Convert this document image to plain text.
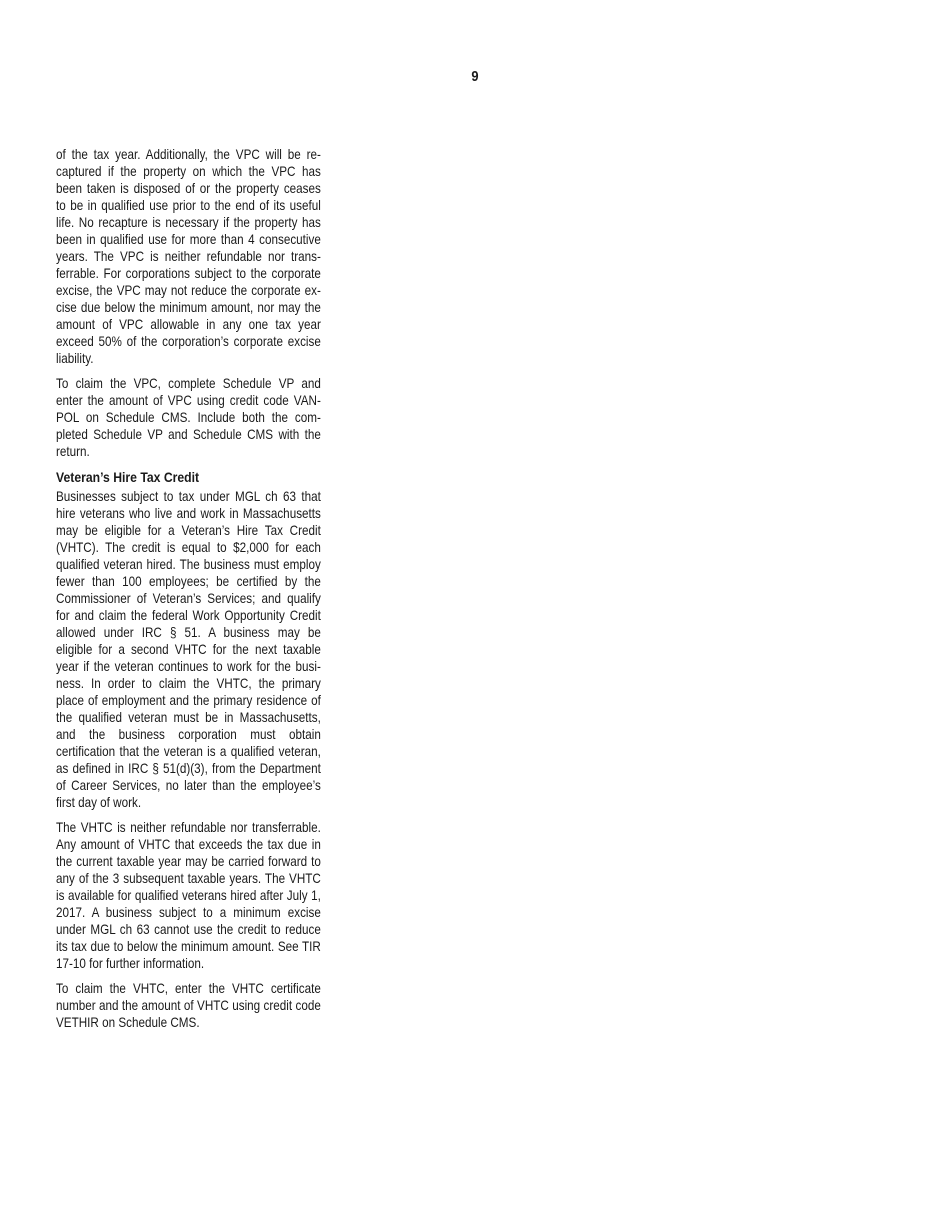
9

of the tax year. Additionally, the VPC will be recaptured if the property on which the VPC has been taken is disposed of or the property ceases to be in qualified use prior to the end of its useful life. No recapture is necessary if the property has been in qualified use for more than 4 consecutive years. The VPC is neither refundable nor transferrable. For corporations subject to the corporate excise, the VPC may not reduce the corporate excise due below the minimum amount, nor may the amount of VPC allowable in any one tax year exceed 50% of the corporation’s corporate excise liability.

To claim the VPC, complete Schedule VP and enter the amount of VPC using credit code VANPOL on Schedule CMS. Include both the completed Schedule VP and Schedule CMS with the return.

Veteran’s Hire Tax Credit

Businesses subject to tax under MGL ch 63 that hire veterans who live and work in Massachusetts may be eligible for a Veteran’s Hire Tax Credit (VHTC). The credit is equal to $2,000 for each qualified veteran hired. The business must employ fewer than 100 employees; be certified by the Commissioner of Veteran’s Services; and qualify for and claim the federal Work Opportunity Credit allowed under IRC § 51. A business may be eligible for a second VHTC for the next taxable year if the veteran continues to work for the business. In order to claim the VHTC, the primary place of employment and the primary residence of the qualified veteran must be in Massachusetts, and the business corporation must obtain certification that the veteran is a qualified veteran, as defined in IRC § 51(d)(3), from the Department of Career Services, no later than the employee’s first day of work.

The VHTC is neither refundable nor transferrable. Any amount of VHTC that exceeds the tax due in the current taxable year may be carried forward to any of the 3 subsequent taxable years. The VHTC is available for qualified veterans hired after July 1, 2017. A business subject to a minimum excise under MGL ch 63 cannot use the credit to reduce its tax due to below the minimum amount. See TIR 17-10 for further information.

To claim the VHTC, enter the VHTC certificate number and the amount of VHTC using credit code VETHIR on Schedule CMS.
